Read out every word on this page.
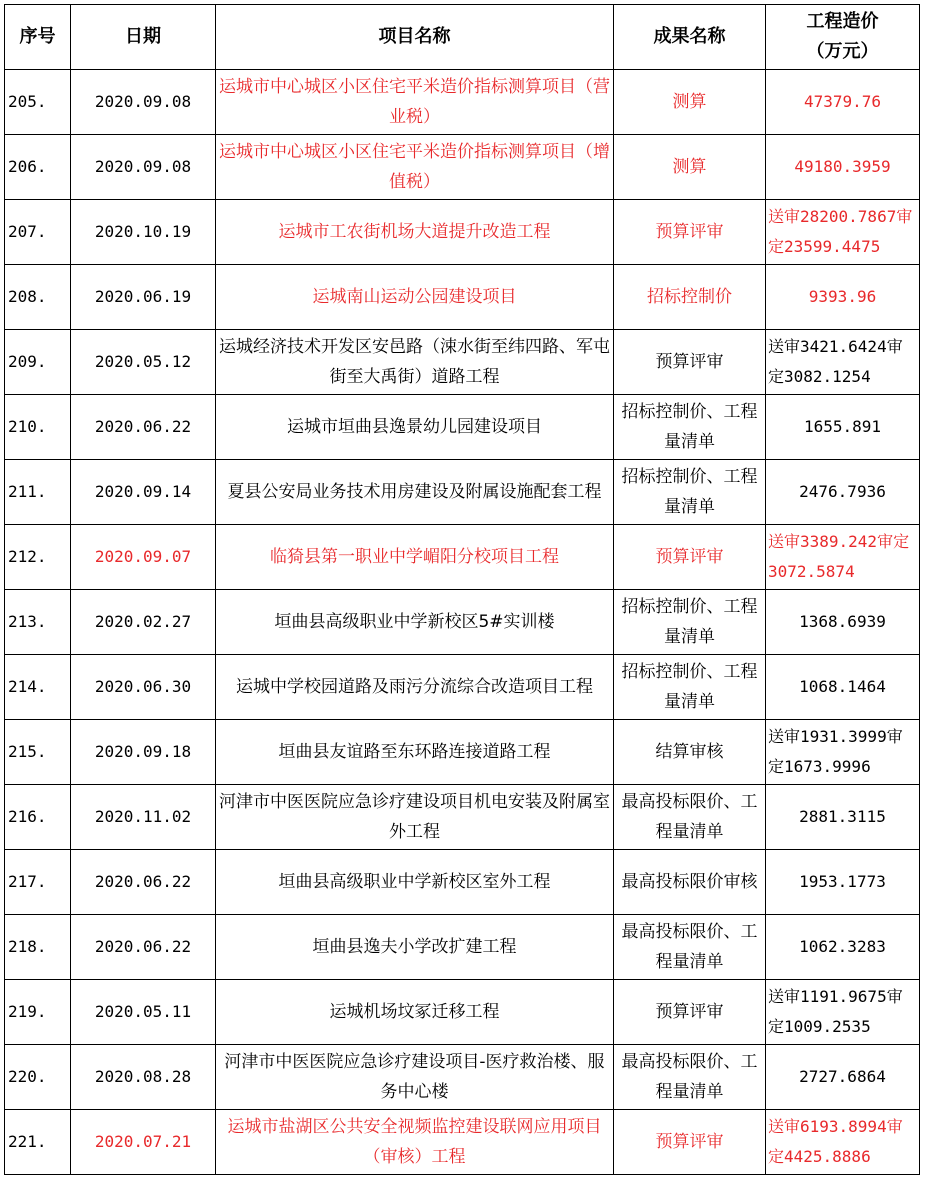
序号	日期	项目名称	成果名称	工程造价
（万元）

205.	2020.09.08	运城市中心城区小区住宅平米造价指标测算项目（营业税）	测算	47379.76
206.	2020.09.08	运城市中心城区小区住宅平米造价指标测算项目（增值税）	测算	49180.3959
207.	2020.10.19	运城市工农街机场大道提升改造工程	预算评审	送审28200.7867审定23599.4475
208.	2020.06.19	运城南山运动公园建设项目	招标控制价	9393.96
209.	2020.05.12	运城经济技术开发区安邑路（涑水街至纬四路、军屯街至大禹街）道路工程	预算评审	送审3421.6424审定3082.1254
210.	2020.06.22	运城市垣曲县逸景幼儿园建设项目	招标控制价、工程量清单	1655.891
211.	2020.09.14	夏县公安局业务技术用房建设及附属设施配套工程	招标控制价、工程量清单	2476.7936
212.	2020.09.07	临猗县第一职业中学嵋阳分校项目工程	预算评审	送审3389.242审定3072.5874
213.	2020.02.27	垣曲县高级职业中学新校区5#实训楼	招标控制价、工程量清单	1368.6939
214.	2020.06.30	运城中学校园道路及雨污分流综合改造项目工程	招标控制价、工程量清单	1068.1464
215.	2020.09.18	垣曲县友谊路至东环路连接道路工程	结算审核	送审1931.3999审定1673.9996
216.	2020.11.02	河津市中医医院应急诊疗建设项目机电安装及附属室外工程	最高投标限价、工程量清单	2881.3115
217.	2020.06.22	垣曲县高级职业中学新校区室外工程	最高投标限价审核	1953.1773
218.	2020.06.22	垣曲县逸夫小学改扩建工程	最高投标限价、工程量清单	1062.3283
219.	2020.05.11	运城机场坟冢迁移工程	预算评审	送审1191.9675审定1009.2535
220.	2020.08.28	河津市中医医院应急诊疗建设项目-医疗救治楼、服务中心楼	最高投标限价、工程量清单	2727.6864
221.	2020.07.21	运城市盐湖区公共安全视频监控建设联网应用项目（审核）工程	预算评审	送审6193.8994审定4425.8886
